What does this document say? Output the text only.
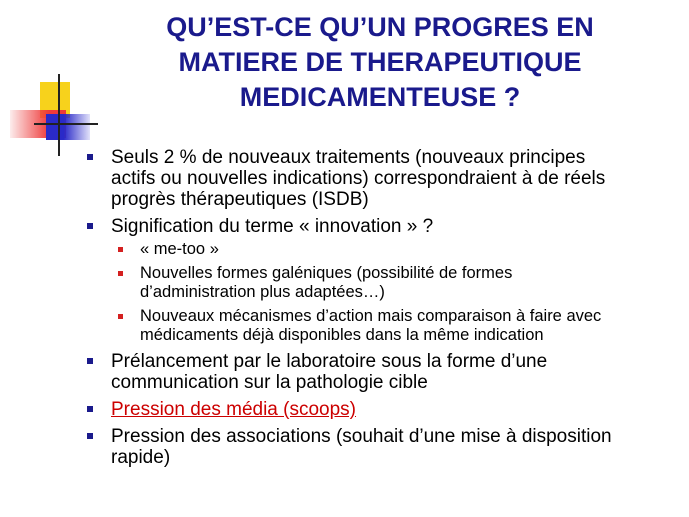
QU’EST-CE QU’UN PROGRES EN
MATIERE DE THERAPEUTIQUE
MEDICAMENTEUSE ?
Seuls 2 % de nouveaux traitements (nouveaux principes
actifs ou nouvelles indications) correspondraient à de réels
progrès thérapeutiques (ISDB)
Signification du terme « innovation » ?
« me-too »
Nouvelles formes galéniques (possibilité de formes
d’administration plus adaptées…)
Nouveaux mécanismes d’action mais comparaison à faire avec
médicaments déjà disponibles dans la même indication
Prélancement par le laboratoire sous la forme d’une
communication sur la pathologie cible
Pression des média (scoops)
Pression des associations (souhait d’une mise à disposition
rapide)
